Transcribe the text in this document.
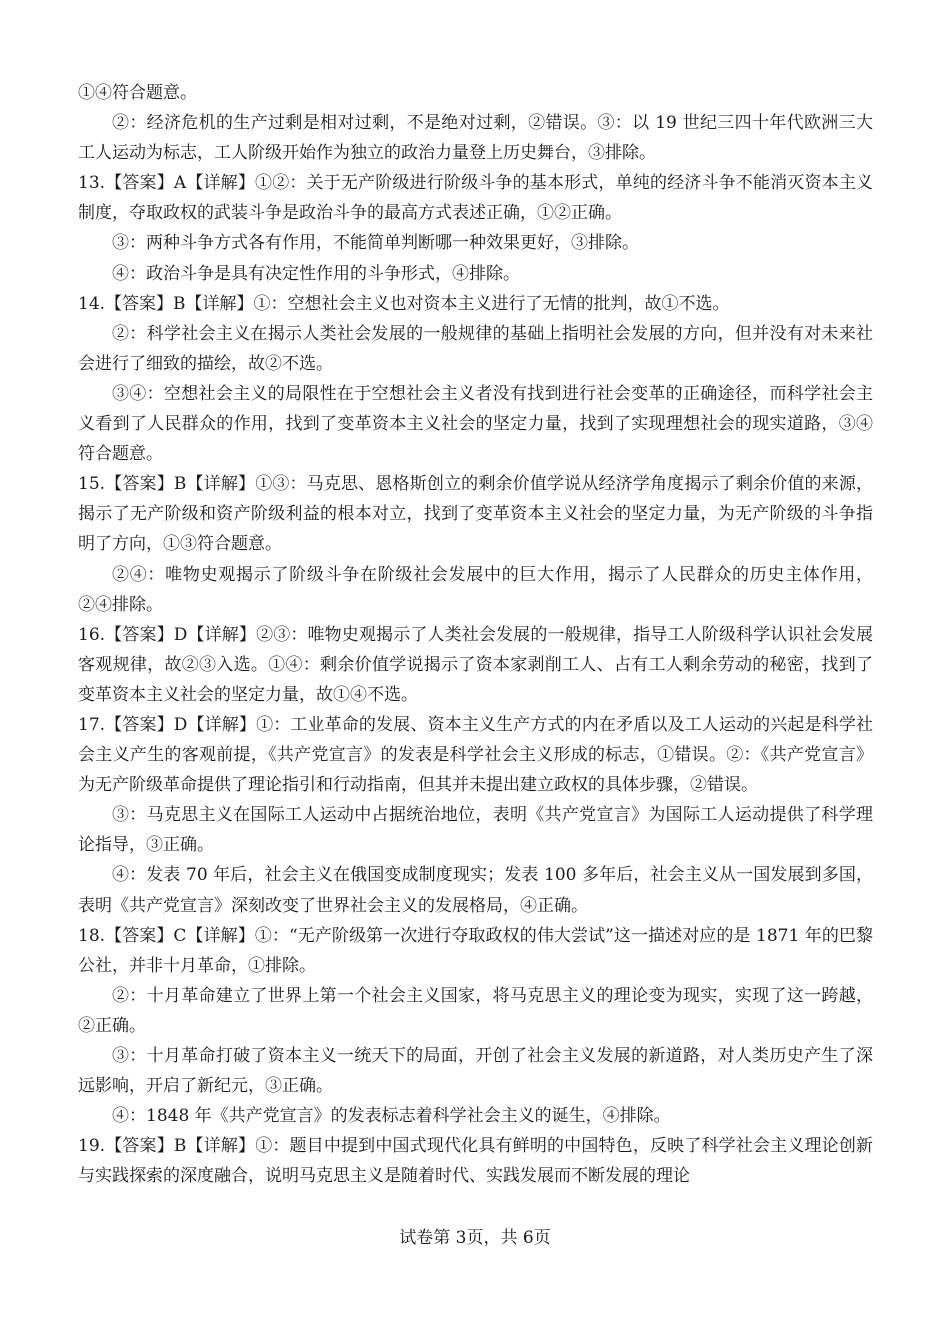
①④符合题意。

②：经济危机的生产过剩是相对过剩，不是绝对过剩，②错误。③：以 19 世纪三四十年代欧洲三大工人运动为标志，工人阶级开始作为独立的政治力量登上历史舞台，③排除。

13.【答案】A【详解】①②：关于无产阶级进行阶级斗争的基本形式，单纯的经济斗争不能消灭资本主义制度，夺取政权的武装斗争是政治斗争的最高方式表述正确，①②正确。

③：两种斗争方式各有作用，不能简单判断哪一种效果更好，③排除。

④：政治斗争是具有决定性作用的斗争形式，④排除。

14.【答案】B【详解】①：空想社会主义也对资本主义进行了无情的批判，故①不选。

②：科学社会主义在揭示人类社会发展的一般规律的基础上指明社会发展的方向，但并没有对未来社会进行了细致的描绘，故②不选。

③④：空想社会主义的局限性在于空想社会主义者没有找到进行社会变革的正确途径，而科学社会主义看到了人民群众的作用，找到了变革资本主义社会的坚定力量，找到了实现理想社会的现实道路，③④符合题意。

15.【答案】B【详解】①③：马克思、恩格斯创立的剩余价值学说从经济学角度揭示了剩余价值的来源，揭示了无产阶级和资产阶级利益的根本对立，找到了变革资本主义社会的坚定力量，为无产阶级的斗争指明了方向，①③符合题意。

②④：唯物史观揭示了阶级斗争在阶级社会发展中的巨大作用，揭示了人民群众的历史主体作用，②④排除。

16.【答案】D【详解】②③：唯物史观揭示了人类社会发展的一般规律，指导工人阶级科学认识社会发展客观规律，故②③入选。①④：剩余价值学说揭示了资本家剥削工人、占有工人剩余劳动的秘密，找到了变革资本主义社会的坚定力量，故①④不选。

17.【答案】D【详解】①：工业革命的发展、资本主义生产方式的内在矛盾以及工人运动的兴起是科学社会主义产生的客观前提，《共产党宣言》的发表是科学社会主义形成的标志，①错误。②：《共产党宣言》为无产阶级革命提供了理论指引和行动指南，但其并未提出建立政权的具体步骤，②错误。

③：马克思主义在国际工人运动中占据统治地位，表明《共产党宣言》为国际工人运动提供了科学理论指导，③正确。

④：发表 70 年后，社会主义在俄国变成制度现实；发表 100 多年后，社会主义从一国发展到多国，表明《共产党宣言》深刻改变了世界社会主义的发展格局，④正确。

18.【答案】C【详解】①：“无产阶级第一次进行夺取政权的伟大尝试”这一描述对应的是 1871 年的巴黎公社，并非十月革命，①排除。

②：十月革命建立了世界上第一个社会主义国家，将马克思主义的理论变为现实，实现了这一跨越，②正确。

③：十月革命打破了资本主义一统天下的局面，开创了社会主义发展的新道路，对人类历史产生了深远影响，开启了新纪元，③正确。

④：1848 年《共产党宣言》的发表标志着科学社会主义的诞生，④排除。

19.【答案】B【详解】①：题目中提到中国式现代化具有鲜明的中国特色，反映了科学社会主义理论创新与实践探索的深度融合，说明马克思主义是随着时代、实践发展而不断发展的理论

试卷第 3页，共 6页
